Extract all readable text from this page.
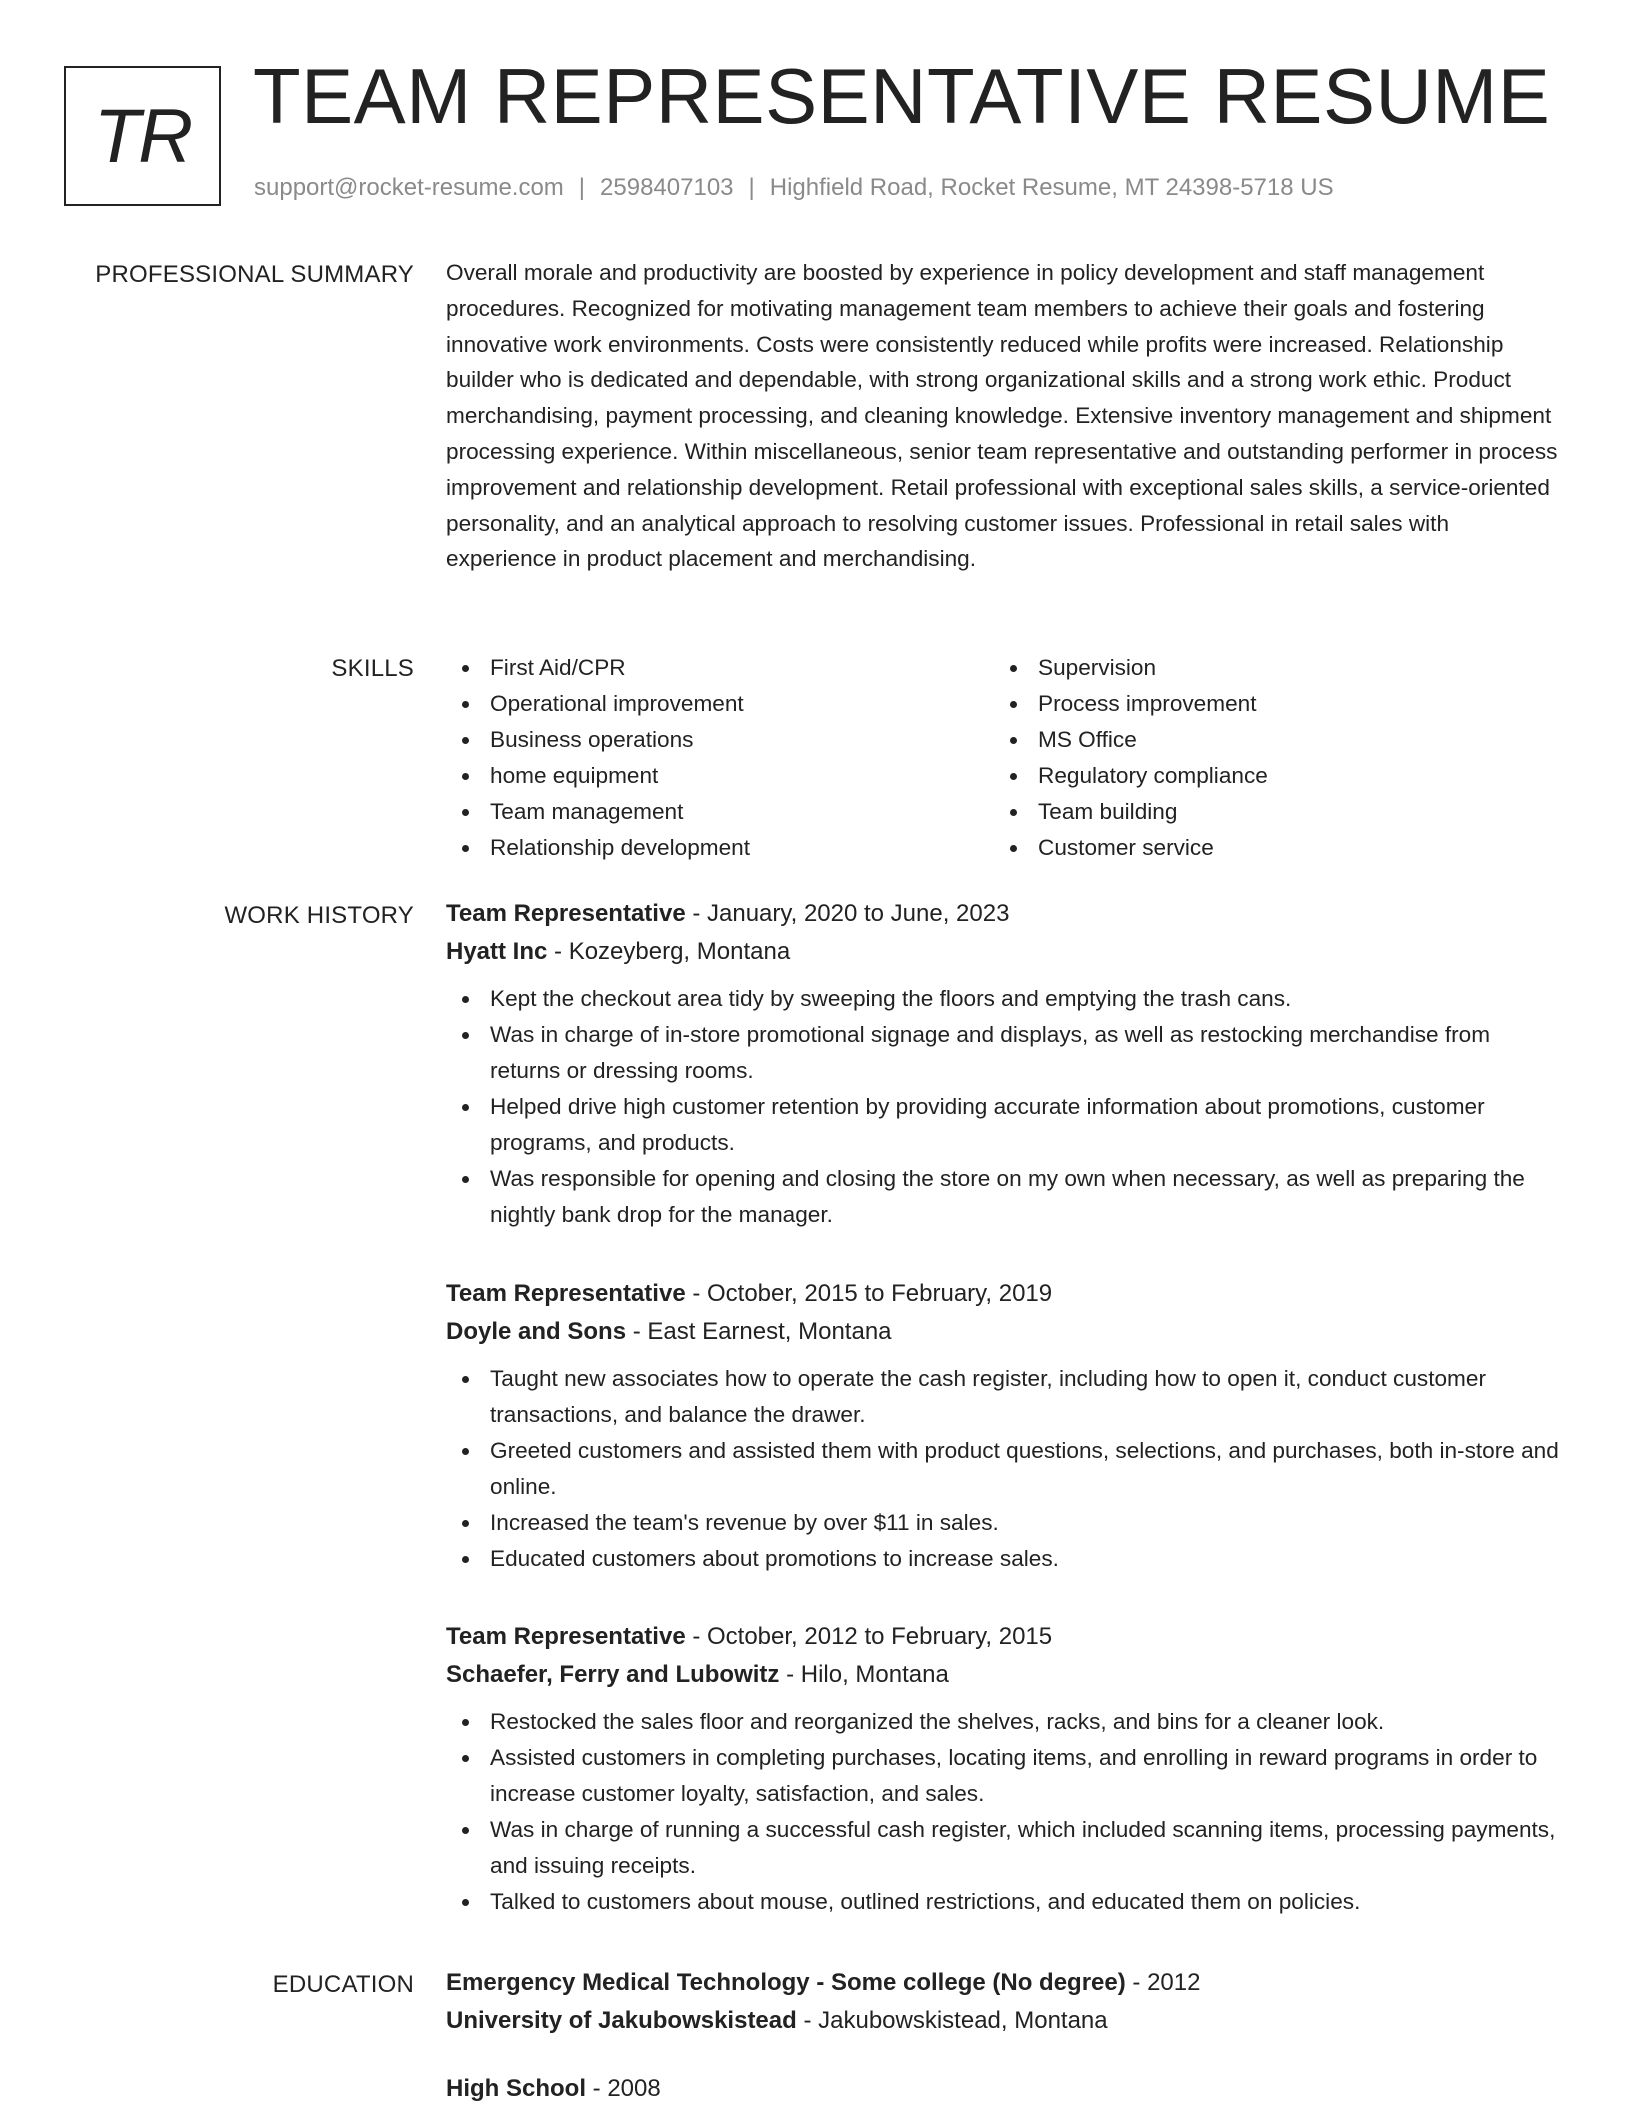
TR TEAM REPRESENTATIVE RESUME
support@rocket-resume.com | 2598407103 | Highfield Road, Rocket Resume, MT 24398-5718 US
PROFESSIONAL SUMMARY Overall morale and productivity are boosted by experience in policy development and staff management procedures. Recognized for motivating management team members to achieve their goals and fostering innovative work environments. Costs were consistently reduced while profits were increased. Relationship builder who is dedicated and dependable, with strong organizational skills and a strong work ethic. Product merchandising, payment processing, and cleaning knowledge. Extensive inventory management and shipment processing experience. Within miscellaneous, senior team representative and outstanding performer in process improvement and relationship development. Retail professional with exceptional sales skills, a service-oriented personality, and an analytical approach to resolving customer issues. Professional in retail sales with experience in product placement and merchandising.

SKILLS	First Aid/CPR
Operational improvement
Business operations
home equipment
Team management
Relationship development
Supervision
Process improvement
MS Office
Regulatory compliance
Team building
Customer service
WORK HISTORY Team Representative - January, 2020 to June, 2023
Hyatt Inc - Kozeyberg, Montana
Kept the checkout area tidy by sweeping the floors and emptying the trash cans.
Was in charge of in-store promotional signage and displays, as well as restocking merchandise from returns or dressing rooms.
Helped drive high customer retention by providing accurate information about promotions, customer programs, and products.
Was responsible for opening and closing the store on my own when necessary, as well as preparing the nightly bank drop for the manager.
Team Representative - October, 2015 to February, 2019
Doyle and Sons - East Earnest, Montana
Taught new associates how to operate the cash register, including how to open it, conduct customer transactions, and balance the drawer.
Greeted customers and assisted them with product questions, selections, and purchases, both in-store and online.
Increased the team's revenue by over $11 in sales.
Educated customers about promotions to increase sales.
Team Representative - October, 2012 to February, 2015
Schaefer, Ferry and Lubowitz - Hilo, Montana
Restocked the sales floor and reorganized the shelves, racks, and bins for a cleaner look.
Assisted customers in completing purchases, locating items, and enrolling in reward programs in order to increase customer loyalty, satisfaction, and sales.
Was in charge of running a successful cash register, which included scanning items, processing payments, and issuing receipts.
Talked to customers about mouse, outlined restrictions, and educated them on policies.
EDUCATION Emergency Medical Technology - Some college (No degree) - 2012
University of Jakubowskistead - Jakubowskistead, Montana
High School - 2008
